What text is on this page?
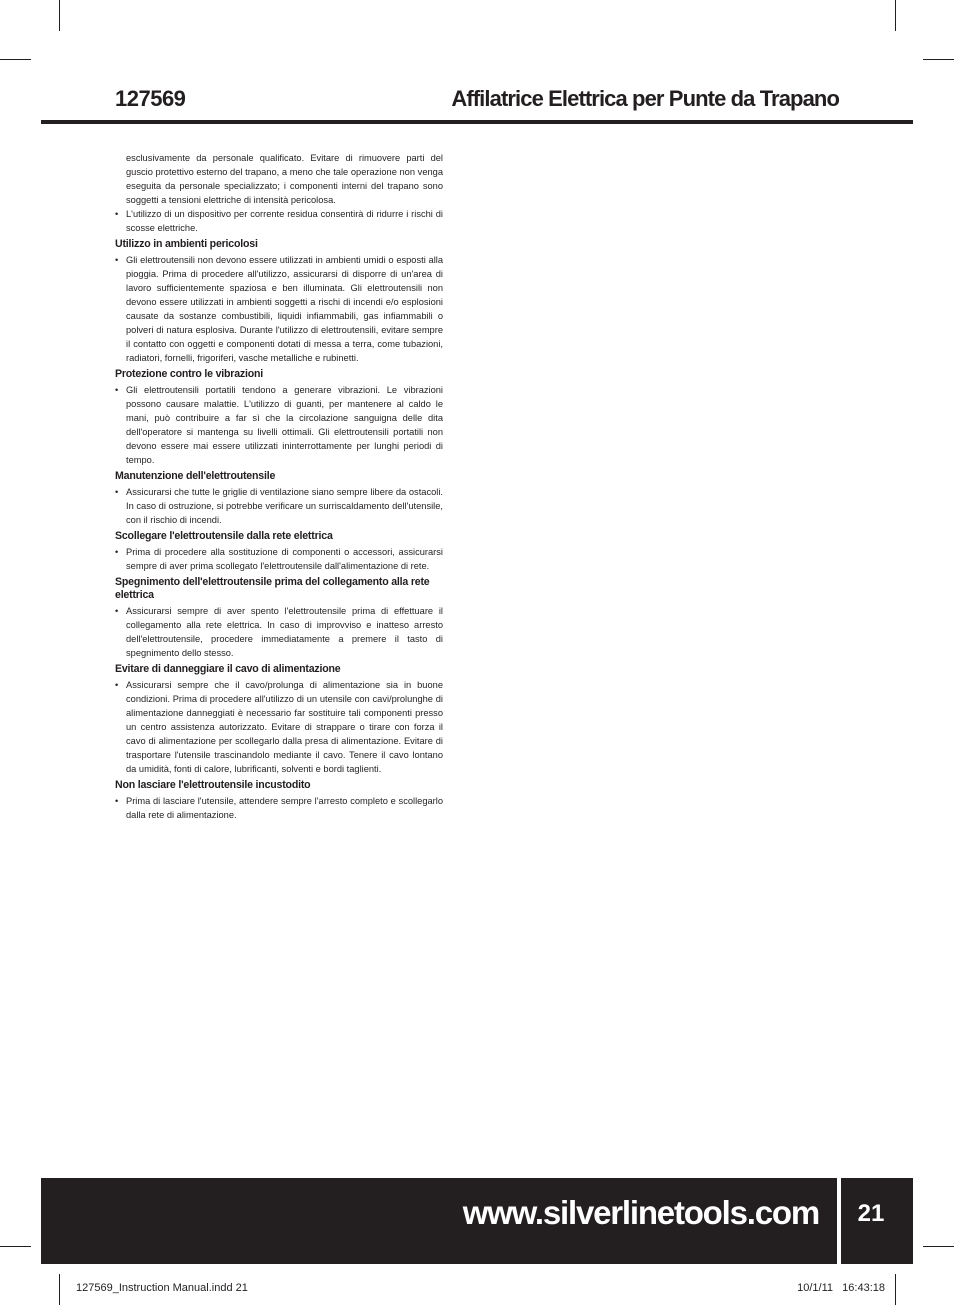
127569	Affilatrice Elettrica per Punte da Trapano

esclusivamente da personale qualificato. Evitare di rimuovere parti del guscio protettivo esterno del trapano, a meno che tale operazione non venga eseguita da personale specializzato; i componenti interni del trapano sono soggetti a tensioni elettriche di intensità pericolosa.

• L'utilizzo di un dispositivo per corrente residua consentirà di ridurre i rischi di scosse elettriche.

Utilizzo in ambienti pericolosi

• Gli elettroutensili non devono essere utilizzati in ambienti umidi o esposti alla pioggia. Prima di procedere all'utilizzo, assicurarsi di disporre di un'area di lavoro sufficientemente spaziosa e ben illuminata. Gli elettroutensili non devono essere utilizzati in ambienti soggetti a rischi di incendi e/o esplosioni causate da sostanze combustibili, liquidi infiammabili, gas infiammabili o polveri di natura esplosiva. Durante l'utilizzo di elettroutensili, evitare sempre il contatto con oggetti e componenti dotati di messa a terra, come tubazioni, radiatori, fornelli, frigoriferi, vasche metalliche e rubinetti.

Protezione contro le vibrazioni

• Gli elettroutensili portatili tendono a generare vibrazioni. Le vibrazioni possono causare malattie. L'utilizzo di guanti, per mantenere al caldo le mani, può contribuire a far sì che la circolazione sanguigna delle dita dell'operatore si mantenga su livelli ottimali. Gli elettroutensili portatili non devono essere mai essere utilizzati ininterrottamente per lunghi periodi di tempo.

Manutenzione dell'elettroutensile

• Assicurarsi che tutte le griglie di ventilazione siano sempre libere da ostacoli. In caso di ostruzione, si potrebbe verificare un surriscaldamento dell'utensile, con il rischio di incendi.

Scollegare l'elettroutensile dalla rete elettrica

• Prima di procedere alla sostituzione di componenti o accessori, assicurarsi sempre di aver prima scollegato l'elettroutensile dall'alimentazione di rete.

Spegnimento dell'elettroutensile prima del collegamento alla rete elettrica

• Assicurarsi sempre di aver spento l'elettroutensile prima di effettuare il collegamento alla rete elettrica. In caso di improvviso e inatteso arresto dell'elettroutensile, procedere immediatamente a premere il tasto di spegnimento dello stesso.

Evitare di danneggiare il cavo di alimentazione

• Assicurarsi sempre che il cavo/prolunga di alimentazione sia in buone condizioni. Prima di procedere all'utilizzo di un utensile con cavi/prolunghe di alimentazione danneggiati è necessario far sostituire tali componenti presso un centro assistenza autorizzato. Evitare di strappare o tirare con forza il cavo di alimentazione per scollegarlo dalla presa di alimentazione. Evitare di trasportare l'utensile trascinandolo mediante il cavo. Tenere il cavo lontano da umidità, fonti di calore, lubrificanti, solventi e bordi taglienti.

Non lasciare l'elettroutensile incustodito

• Prima di lasciare l'utensile, attendere sempre l'arresto completo e scollegarlo dalla rete di alimentazione.

www.silverlinetools.com	21
127569_Instruction Manual.indd 21	10/1/11   16:43:18
